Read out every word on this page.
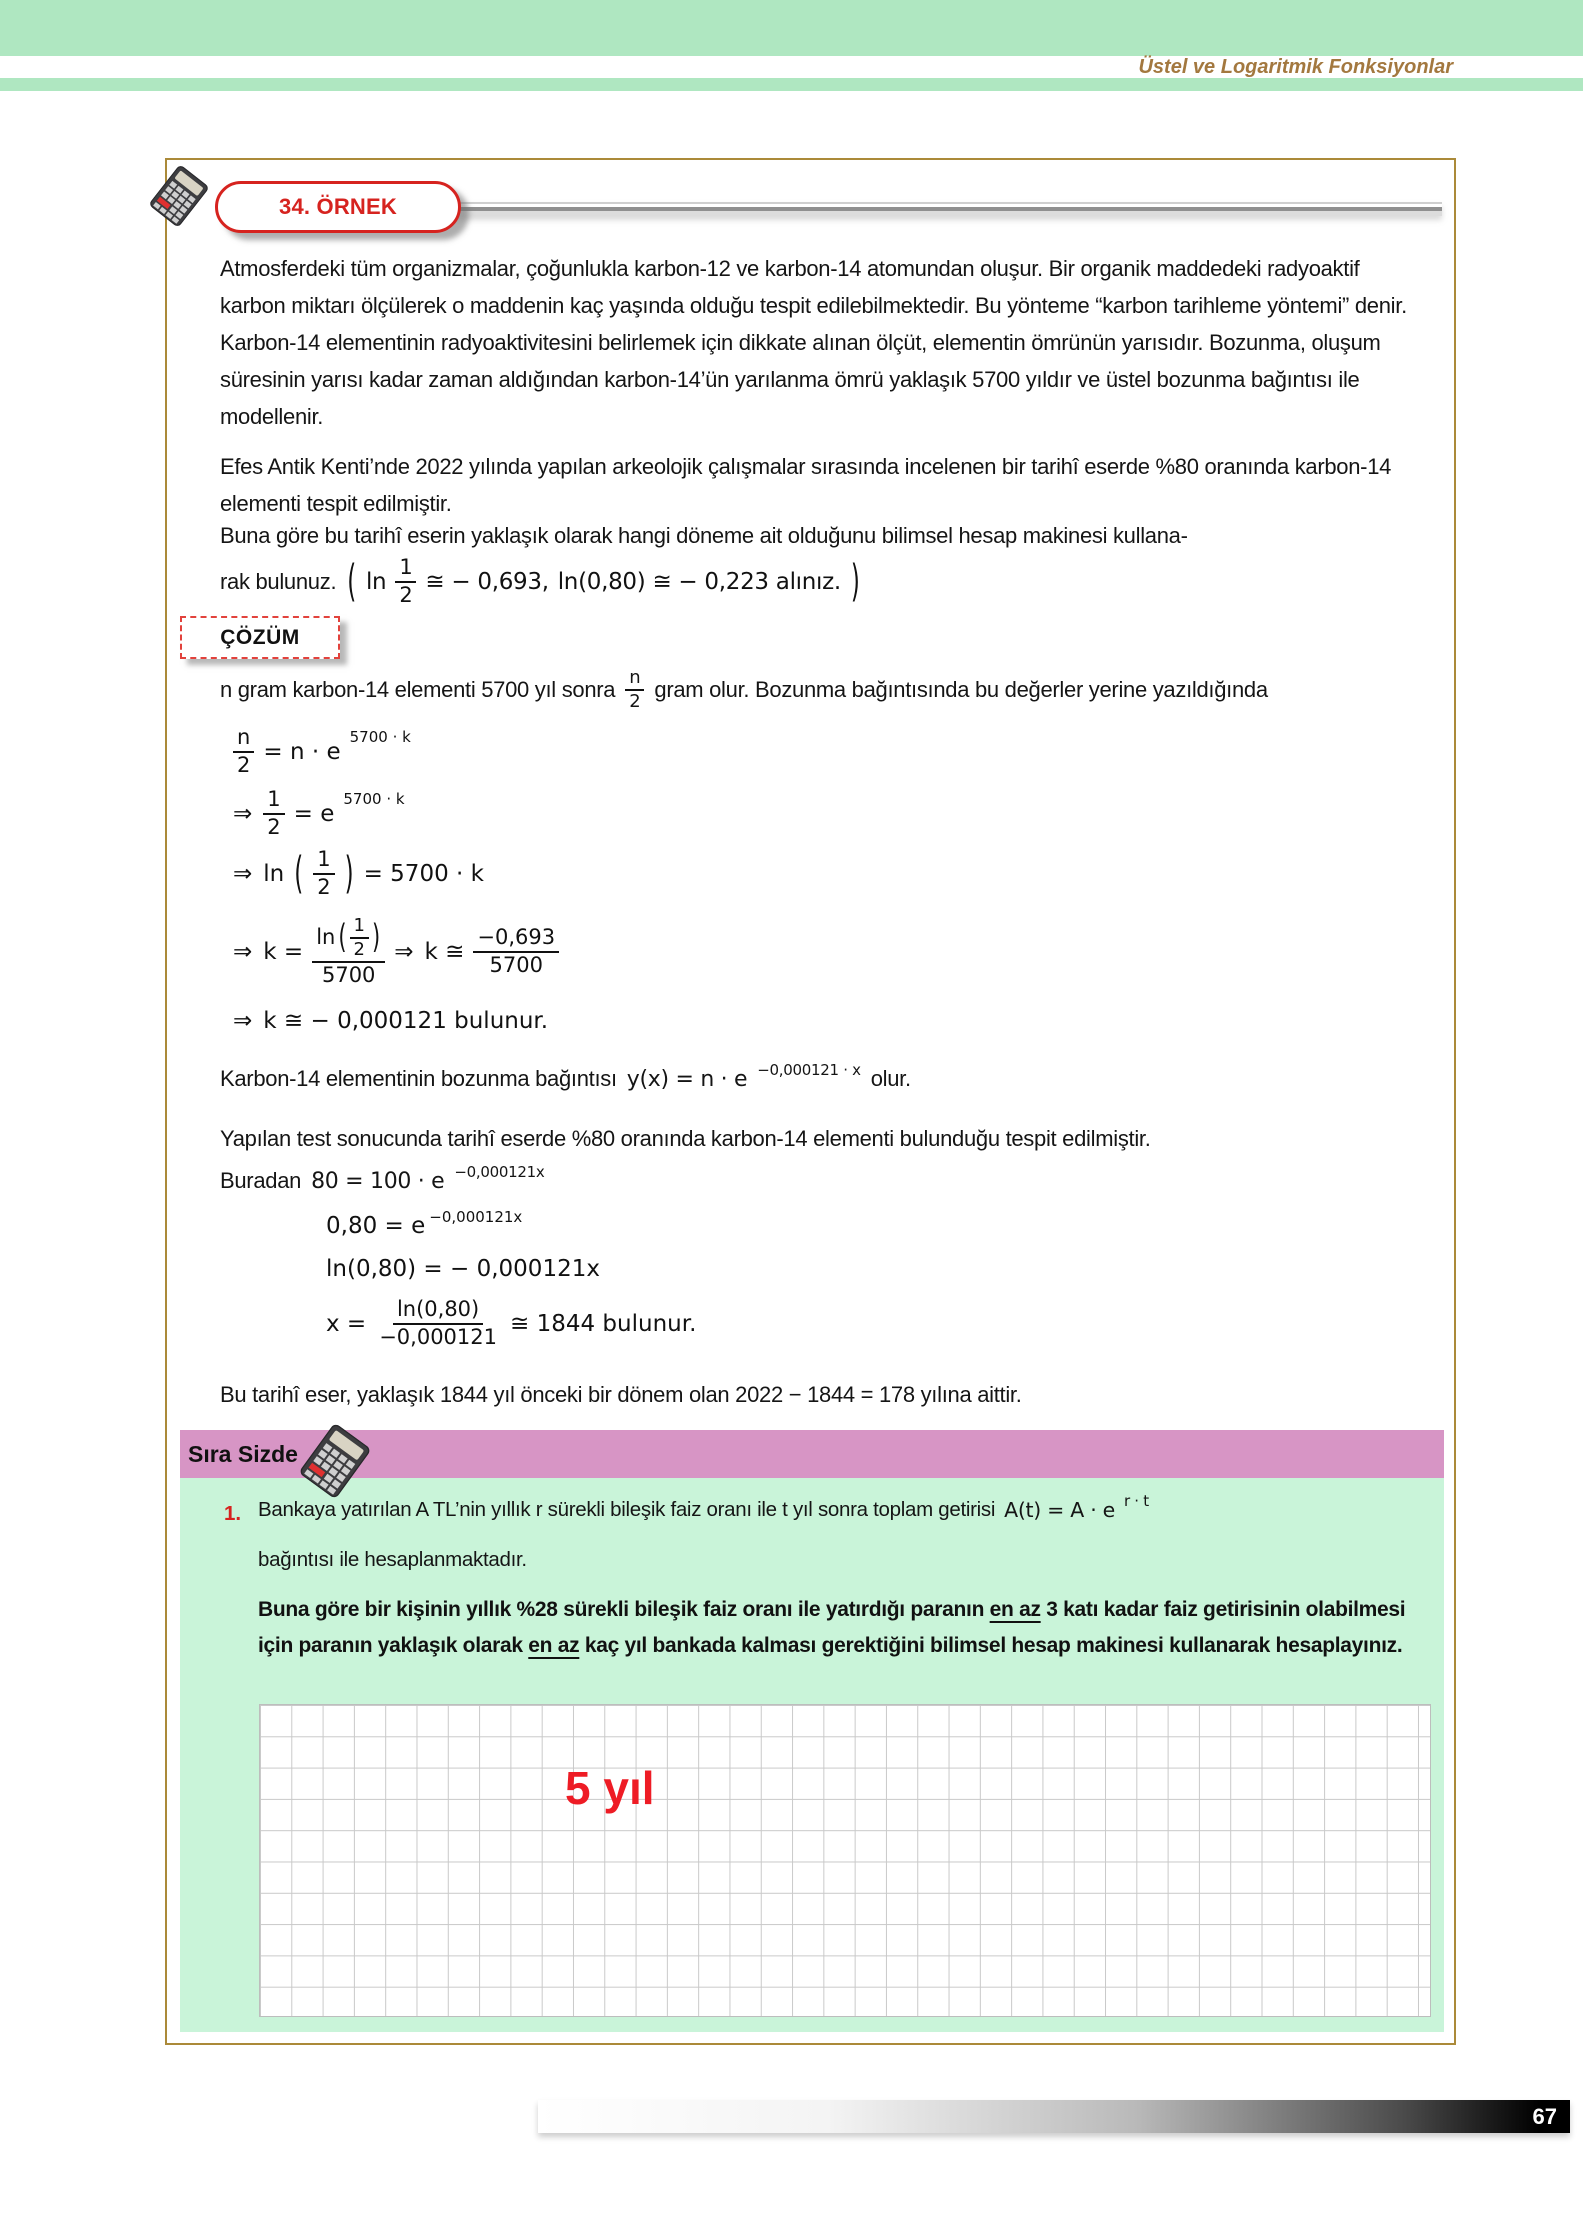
Üstel ve Logaritmik Fonksiyonlar
34. ÖRNEK
Atmosferdeki tüm organizmalar, çoğunlukla karbon-12 ve karbon-14 atomundan oluşur. Bir organik maddedeki radyoaktif karbon miktarı ölçülerek o maddenin kaç yaşında olduğu tespit edilebilmektedir. Bu yönteme “karbon tarihleme yöntemi” denir. Karbon-14 elementinin radyoaktivitesini belirlemek için dikkate alınan ölçüt, elementin ömrünün yarısıdır. Bozunma, oluşum süresinin yarısı kadar zaman aldığından karbon-14’ün yarılanma ömrü yaklaşık 5700 yıldır ve üstel bozunma bağıntısı ile modellenir.
Efes Antik Kenti’nde 2022 yılında yapılan arkeolojik çalışmalar sırasında incelenen bir tarihî eserde %80 oranında karbon-14 elementi tespit edilmiştir.
Buna göre bu tarihî eserin yaklaşık olarak hangi döneme ait olduğunu bilimsel hesap makinesi kullana-
rak bulunuz. ( ln
1
2 ≅ − 0,693, ln(0,80) ≅ − 0,223 alınız. )
ÇÖZÜM
n gram karbon-14 elementi 5700 yıl sonra n
2 gram olur. Bozunma bağıntısında bu değerler yerine yazıldığında
$\frac{n}{2} = n \cdot e$
5700 · k
⇒ $\frac{1}{2} = e$
5700 · k
⇒ ln ( 1
2 ) = 5700 · k
⇒ k = ln ( 1
2 )
5700 ⇒ k ≅
−0,693
5700
⇒ k ≅ − 0,000121 bulunur.
Karbon-14 elementinin bozunma bağıntısı y(x) = n · e −0,000121 · x olur.
Yapılan test sonucunda tarihî eserde %80 oranında karbon-14 elementi bulunduğu tespit edilmiştir.
Buradan 80 = 100 · e −0,000121x
0,80 = e −0,000121x
ln(0,80) = − 0,000121x
$x = \frac{\ln(0,80)}{-0,000121}$ ≅ 1844 bulunur.
Bu tarihî eser, yaklaşık 1844 yıl önceki bir dönem olan 2022 − 1844 = 178 yılına aittir.
Sıra Sizde
1. Bankaya yatırılan A TL’nin yıllık r sürekli bileşik faiz oranı ile t yıl sonra toplam getirisi A(t) = A · e r · t
bağıntısı ile hesaplanmaktadır.
Buna göre bir kişinin yıllık %28 sürekli bileşik faiz oranı ile yatırdığı paranın en az 3 katı kadar faiz getirisinin olabilmesi için paranın yaklaşık olarak en az kaç yıl bankada kalması gerektiğini bilimsel hesap makinesi kullanarak hesaplayınız.
5 yıl
67
